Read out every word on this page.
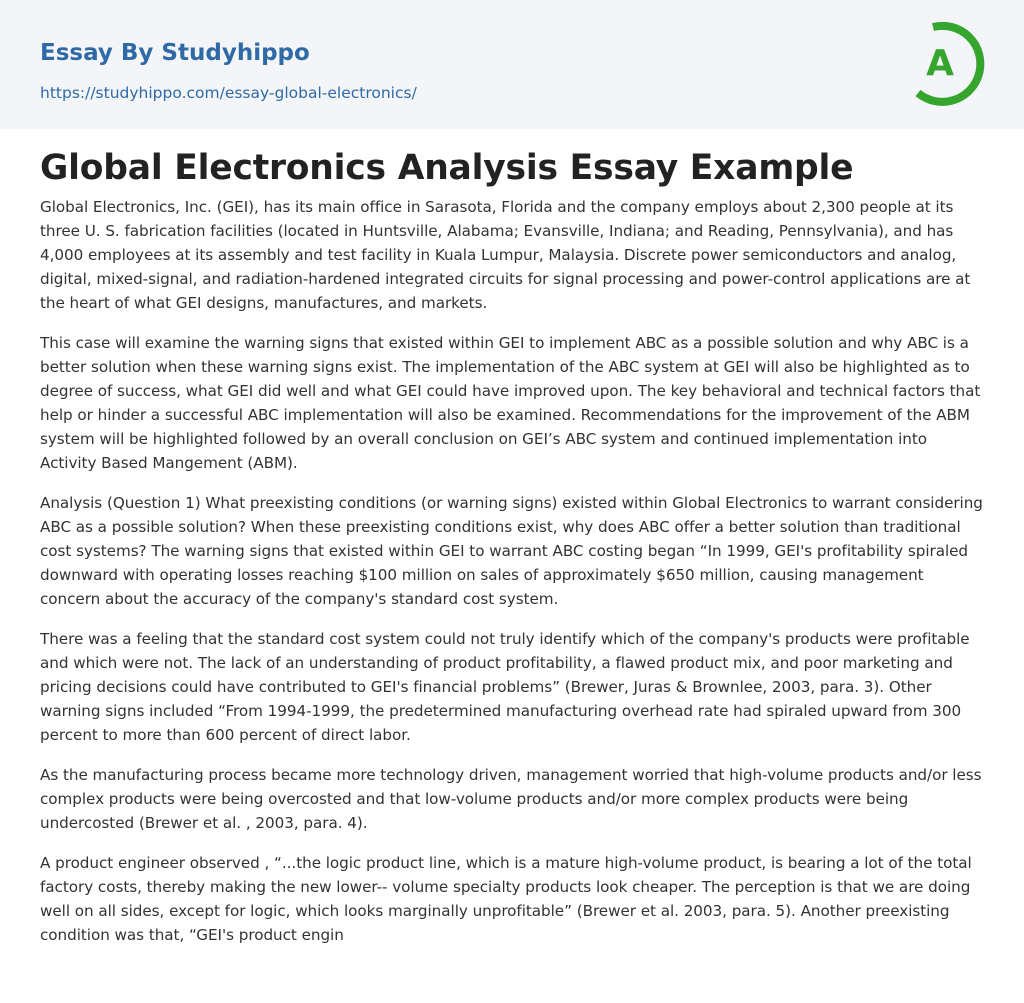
Essay By Studyhippo
https://studyhippo.com/essay-global-electronics/
A
Global Electronics Analysis Essay Example

Global Electronics, Inc. (GEI), has its main office in Sarasota, Florida and the company employs about 2,300 people at its three U. S. fabrication facilities (located in Huntsville, Alabama; Evansville, Indiana; and Reading, Pennsylvania), and has 4,000 employees at its assembly and test facility in Kuala Lumpur, Malaysia. Discrete power semiconductors and analog, digital, mixed-signal, and radiation-hardened integrated circuits for signal processing and power-control applications are at the heart of what GEI designs, manufactures, and markets.

This case will examine the warning signs that existed within GEI to implement ABC as a possible solution and why ABC is a better solution when these warning signs exist. The implementation of the ABC system at GEI will also be highlighted as to degree of success, what GEI did well and what GEI could have improved upon. The key behavioral and technical factors that help or hinder a successful ABC implementation will also be examined. Recommendations for the improvement of the ABM system will be highlighted followed by an overall conclusion on GEI’s ABC system and continued implementation into Activity Based Mangement (ABM).

Analysis (Question 1) What preexisting conditions (or warning signs) existed within Global Electronics to warrant considering ABC as a possible solution? When these preexisting conditions exist, why does ABC offer a better solution than traditional cost systems? The warning signs that existed within GEI to warrant ABC costing began “In 1999, GEI's profitability spiraled downward with operating losses reaching $100 million on sales of approximately $650 million, causing management concern about the accuracy of the company's standard cost system.

There was a feeling that the standard cost system could not truly identify which of the company's products were profitable and which were not. The lack of an understanding of product profitability, a flawed product mix, and poor marketing and pricing decisions could have contributed to GEI's financial problems” (Brewer, Juras & Brownlee, 2003, para. 3). Other warning signs included “From 1994-1999, the predetermined manufacturing overhead rate had spiraled upward from 300 percent to more than 600 percent of direct labor.

As the manufacturing process became more technology driven, management worried that high-volume products and/or less complex products were being overcosted and that low-volume products and/or more complex products were being undercosted (Brewer et al. , 2003, para. 4).

A product engineer observed , “...the logic product line, which is a mature high-volume product, is bearing a lot of the total factory costs, thereby making the new lower-- volume specialty products look cheaper. The perception is that we are doing well on all sides, except for logic, which looks marginally unprofitable” (Brewer et al. 2003, para. 5). Another preexisting condition was that, “GEI's product engin
